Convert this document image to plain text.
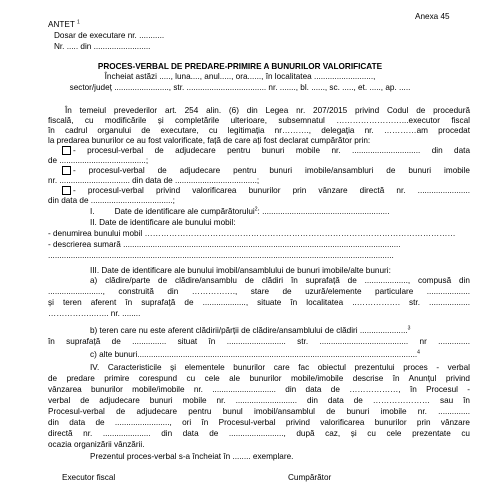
Anexa 45
ANTET $^1$
Dosar de executare nr. ...........
Nr. ..... din .........................
PROCES-VERBAL DE PREDARE-PRIMIRE A BUNURILOR VALORIFICATE
Încheiat astăzi ....., luna...., anul....., ora......, în localitatea ..........................,
sector/județ ........................, str. ................................... nr. ......., bl. ......, sc. ....., et. ....., ap. .....
În temeiul prevederilor art. 254 alin. (6) din Legea nr. 207/2015 privind Codul de procedură
fiscală, cu modificările și completările ulterioare, subsemnatul ……………………...executor fiscal
în cadrul organului de executare, cu legitimația nr………., delegația nr. …………am procedat
la predarea bunurilor ce au fost valorificate, față de care ați fost declarat cumpărător prin:
- procesul-verbal de adjudecare pentru bunuri mobile nr. .............................. din data
de ......................................;
- procesul-verbal de adjudecare pentru bunuri imobile/ansambluri de bunuri imobile
nr. ............................... din data de ....................................;
- procesul-verbal privind valorificarea bunurilor prin vânzare directă nr. .......................
din data de ....................................;
I. Date de identificare ale cumpărătorului$^2$: ........................................................
II. Date de identificare ale bunului mobil:
- denumirea bunului mobil ……………………………………………………………………………………………………
- descrierea sumară ..........................................................................................................................
........................................................................................................................................................
III. Date de identificare ale bunului imobil/ansamblului de bunuri imobile/alte bunuri:
a) clădire/parte de clădire/ansamblu de clădiri în suprafață de ..................., compusă din
........................, construită din ……………., stare de uzură/elemente particulare ...................
și teren aferent în suprafață de ..................., situate în localitatea ..……………. str. ..................
……………..…... nr. ........
b) teren care nu este aferent clădirii/părții de clădire/ansamblului de clădiri .....................$^3$
în suprafață de ............... situat în .......................... str. ....................................... nr ..............
c) alte bunuri...........................................................................................................................$^4$
IV. Caracteristicile și elementele bunurilor care fac obiectul prezentului proces - verbal
de predare primire corespund cu cele ale bunurilor mobile/imobile descrise în Anunțul privind
vânzarea bunurilor mobile/imobile nr. ............................ din data de ………………, în Procesul -
verbal de adjudecare bunuri mobile nr. ........................... din data de ………………… sau în
Procesul-verbal de adjudecare pentru bunul imobil/ansamblul de bunuri imobile nr. ..............
din data de ........................, ori în Procesul-verbal privind valorificarea bunurilor prin vânzare
directă nr. ..................... din data de ........................, după caz, și cu cele prezentate cu
ocazia organizării vânzării.
Prezentul proces-verbal s-a încheiat în ........ exemplare.
Executor fiscal	Cumpărător
